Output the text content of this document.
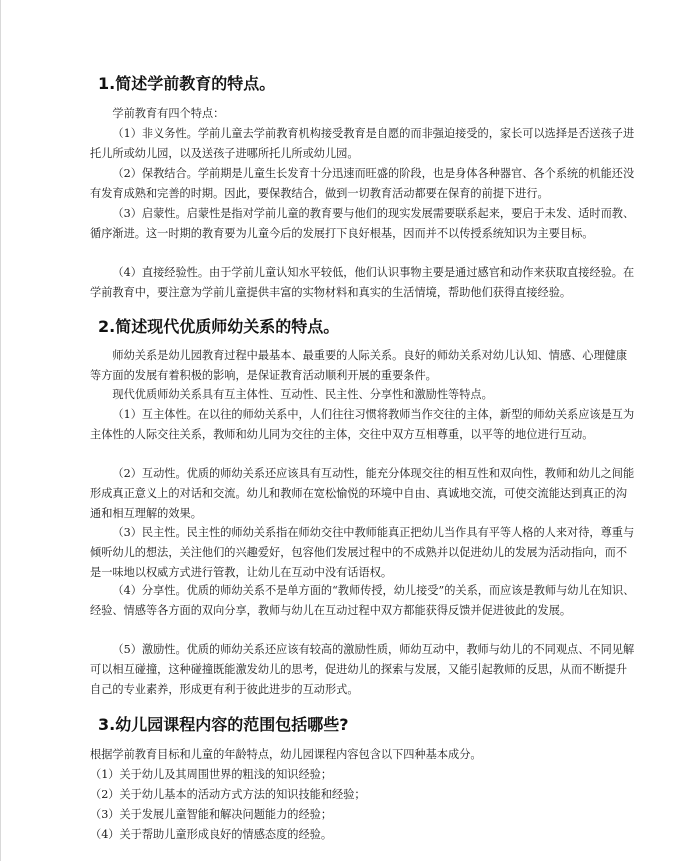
1.简述学前教育的特点。

学前教育有四个特点：

（1）非义务性。学前儿童去学前教育机构接受教育是自愿的而非强迫接受的，家长可以选择是否送孩子进托儿所或幼儿园，以及送孩子进哪所托儿所或幼儿园。

（2）保教结合。学前期是儿童生长发育十分迅速而旺盛的阶段，也是身体各种器官、各个系统的机能还没有发育成熟和完善的时期。因此，要保教结合，做到一切教育活动都要在保育的前提下进行。

（3）启蒙性。启蒙性是指对学前儿童的教育要与他们的现实发展需要联系起来，要启于未发、适时而教、循序渐进。这一时期的教育要为儿童今后的发展打下良好根基，因而并不以传授系统知识为主要目标。

（4）直接经验性。由于学前儿童认知水平较低，他们认识事物主要是通过感官和动作来获取直接经验。在学前教育中，要注意为学前儿童提供丰富的实物材料和真实的生活情境，帮助他们获得直接经验。

2.简述现代优质师幼关系的特点。

师幼关系是幼儿园教育过程中最基本、最重要的人际关系。良好的师幼关系对幼儿认知、情感、心理健康等方面的发展有着积极的影响，是保证教育活动顺利开展的重要条件。

现代优质师幼关系具有互主体性、互动性、民主性、分享性和激励性等特点。

（1）互主体性。在以往的师幼关系中，人们往往习惯将教师当作交往的主体，新型的师幼关系应该是互为主体性的人际交往关系，教师和幼儿同为交往的主体，交往中双方互相尊重，以平等的地位进行互动。

（2）互动性。优质的师幼关系还应该具有互动性，能充分体现交往的相互性和双向性，教师和幼儿之间能形成真正意义上的对话和交流。幼儿和教师在宽松愉悦的环境中自由、真诚地交流，可使交流能达到真正的沟通和相互理解的效果。

（3）民主性。民主性的师幼关系指在师幼交往中教师能真正把幼儿当作具有平等人格的人来对待，尊重与倾听幼儿的想法，关注他们的兴趣爱好，包容他们发展过程中的不成熟并以促进幼儿的发展为活动指向，而不是一味地以权威方式进行管教，让幼儿在互动中没有话语权。

（4）分享性。优质的师幼关系不是单方面的“教师传授，幼儿接受”的关系，而应该是教师与幼儿在知识、经验、情感等各方面的双向分享，教师与幼儿在互动过程中双方都能获得反馈并促进彼此的发展。

（5）激励性。优质的师幼关系还应该有较高的激励性质，师幼互动中，教师与幼儿的不同观点、不同见解可以相互碰撞，这种碰撞既能激发幼儿的思考，促进幼儿的探索与发展，又能引起教师的反思，从而不断提升自己的专业素养，形成更有利于彼此进步的互动形式。

3.幼儿园课程内容的范围包括哪些?

根据学前教育目标和儿童的年龄特点，幼儿园课程内容包含以下四种基本成分。

（1）关于幼儿及其周围世界的粗浅的知识经验；

（2）关于幼儿基本的活动方式方法的知识技能和经验；

（3）关于发展儿童智能和解决问题能力的经验；

（4）关于帮助儿童形成良好的情感态度的经验。
